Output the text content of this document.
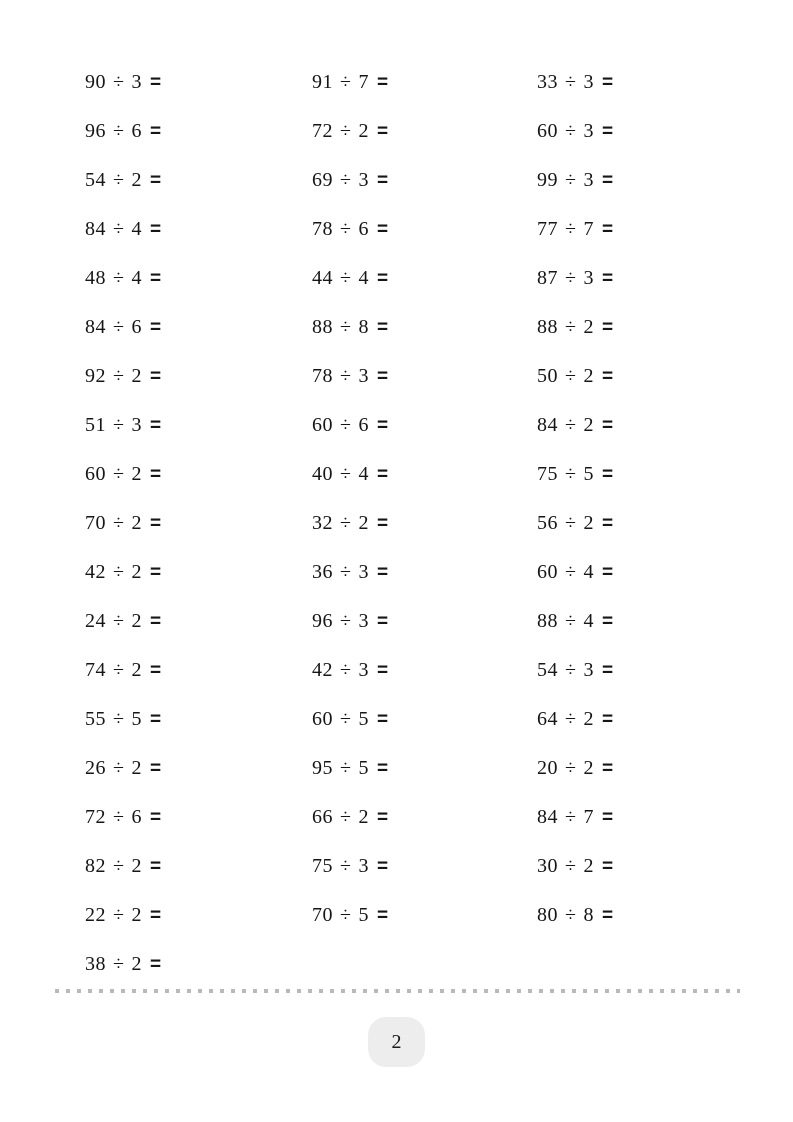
90 ÷ 3 =
96 ÷ 6 =
54 ÷ 2 =
84 ÷ 4 =
48 ÷ 4 =
84 ÷ 6 =
92 ÷ 2 =
51 ÷ 3 =
60 ÷ 2 =
70 ÷ 2 =
42 ÷ 2 =
24 ÷ 2 =
74 ÷ 2 =
55 ÷ 5 =
26 ÷ 2 =
72 ÷ 6 =
82 ÷ 2 =
22 ÷ 2 =
38 ÷ 2 =
91 ÷ 7 =
72 ÷ 2 =
69 ÷ 3 =
78 ÷ 6 =
44 ÷ 4 =
88 ÷ 8 =
78 ÷ 3 =
60 ÷ 6 =
40 ÷ 4 =
32 ÷ 2 =
36 ÷ 3 =
96 ÷ 3 =
42 ÷ 3 =
60 ÷ 5 =
95 ÷ 5 =
66 ÷ 2 =
75 ÷ 3 =
70 ÷ 5 =
33 ÷ 3 =
60 ÷ 3 =
99 ÷ 3 =
77 ÷ 7 =
87 ÷ 3 =
88 ÷ 2 =
50 ÷ 2 =
84 ÷ 2 =
75 ÷ 5 =
56 ÷ 2 =
60 ÷ 4 =
88 ÷ 4 =
54 ÷ 3 =
64 ÷ 2 =
20 ÷ 2 =
84 ÷ 7 =
30 ÷ 2 =
80 ÷ 8 =
2
